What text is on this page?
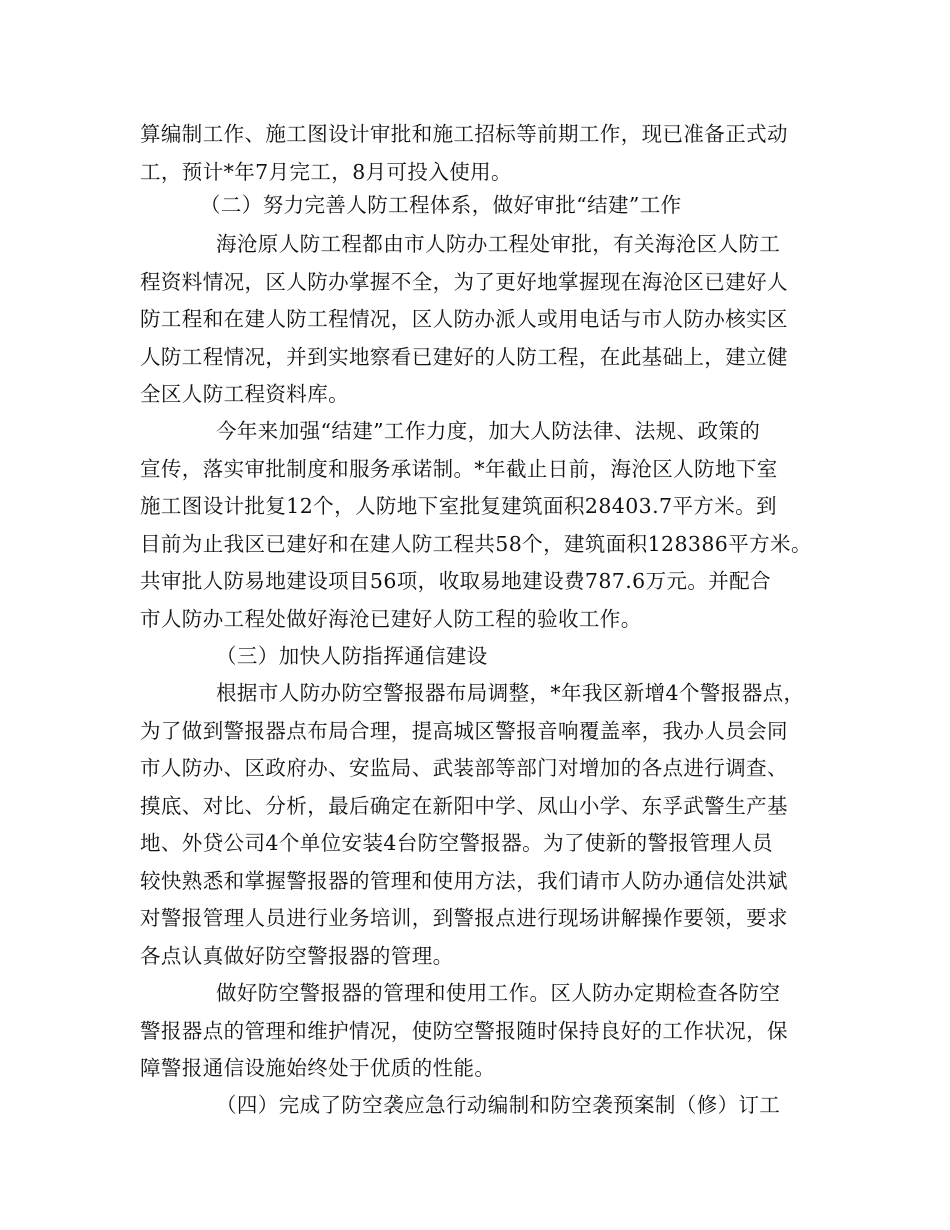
算编制工作、施工图设计审批和施工招标等前期工作，现已准备正式动
工，预计*年7月完工，8月可投入使用。
（二）努力完善人防工程体系，做好审批“结建”工作
海沧原人防工程都由市人防办工程处审批，有关海沧区人防工
程资料情况，区人防办掌握不全，为了更好地掌握现在海沧区已建好人
防工程和在建人防工程情况，区人防办派人或用电话与市人防办核实区
人防工程情况，并到实地察看已建好的人防工程，在此基础上，建立健
全区人防工程资料库。
今年来加强“结建”工作力度，加大人防法律、法规、政策的
宣传，落实审批制度和服务承诺制。*年截止日前，海沧区人防地下室
施工图设计批复12个，人防地下室批复建筑面积28403.7平方米。到
目前为止我区已建好和在建人防工程共58个，建筑面积128386平方米。
共审批人防易地建设项目56项，收取易地建设费787.6万元。并配合
市人防办工程处做好海沧已建好人防工程的验收工作。
（三）加快人防指挥通信建设
根据市人防办防空警报器布局调整，*年我区新增4个警报器点，
为了做到警报器点布局合理，提高城区警报音响覆盖率，我办人员会同
市人防办、区政府办、安监局、武装部等部门对增加的各点进行调查、
摸底、对比、分析，最后确定在新阳中学、凤山小学、东孚武警生产基
地、外贷公司4个单位安装4台防空警报器。为了使新的警报管理人员
较快熟悉和掌握警报器的管理和使用方法，我们请市人防办通信处洪斌
对警报管理人员进行业务培训，到警报点进行现场讲解操作要领，要求
各点认真做好防空警报器的管理。
做好防空警报器的管理和使用工作。区人防办定期检查各防空
警报器点的管理和维护情况，使防空警报随时保持良好的工作状况，保
障警报通信设施始终处于优质的性能。
（四）完成了防空袭应急行动编制和防空袭预案制（修）订工
